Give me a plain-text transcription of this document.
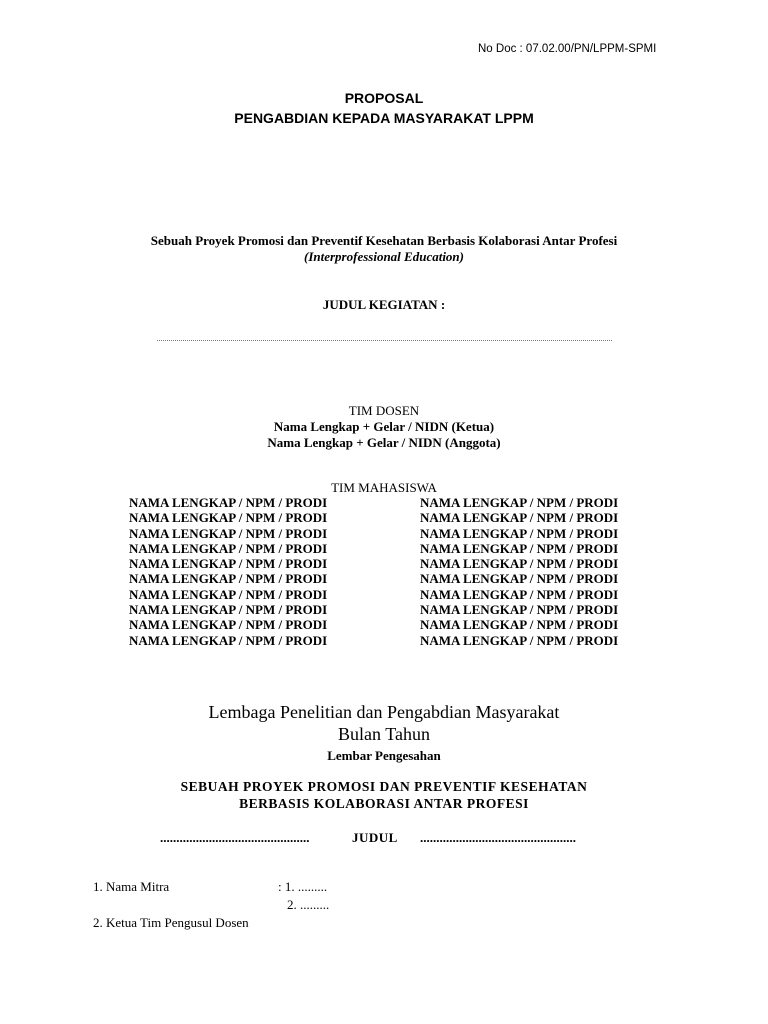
No Doc : 07.02.00/PN/LPPM-SPMI
PROPOSAL
PENGABDIAN KEPADA MASYARAKAT LPPM
Sebuah Proyek Promosi dan Preventif Kesehatan Berbasis Kolaborasi Antar Profesi
(Interprofessional Education)
JUDUL KEGIATAN :
TIM DOSEN
Nama Lengkap + Gelar / NIDN (Ketua)
Nama Lengkap + Gelar / NIDN (Anggota)
TIM MAHASISWA
NAMA LENGKAP / NPM / PRODI
NAMA LENGKAP / NPM / PRODI
NAMA LENGKAP / NPM / PRODI
NAMA LENGKAP / NPM / PRODI
NAMA LENGKAP / NPM / PRODI
NAMA LENGKAP / NPM / PRODI
NAMA LENGKAP / NPM / PRODI
NAMA LENGKAP / NPM / PRODI
NAMA LENGKAP / NPM / PRODI
NAMA LENGKAP / NPM / PRODI
NAMA LENGKAP / NPM / PRODI
NAMA LENGKAP / NPM / PRODI
NAMA LENGKAP / NPM / PRODI
NAMA LENGKAP / NPM / PRODI
NAMA LENGKAP / NPM / PRODI
NAMA LENGKAP / NPM / PRODI
NAMA LENGKAP / NPM / PRODI
NAMA LENGKAP / NPM / PRODI
NAMA LENGKAP / NPM / PRODI
NAMA LENGKAP / NPM / PRODI
Lembaga Penelitian dan Pengabdian Masyarakat
Bulan Tahun
Lembar Pengesahan
SEBUAH PROYEK PROMOSI DAN PREVENTIF KESEHATAN
BERBASIS KOLABORASI ANTAR PROFESI
..............................................	JUDUL ................................................
1. Nama Mitra	: 1. .........
2. .........
2. Ketua Tim Pengusul Dosen
